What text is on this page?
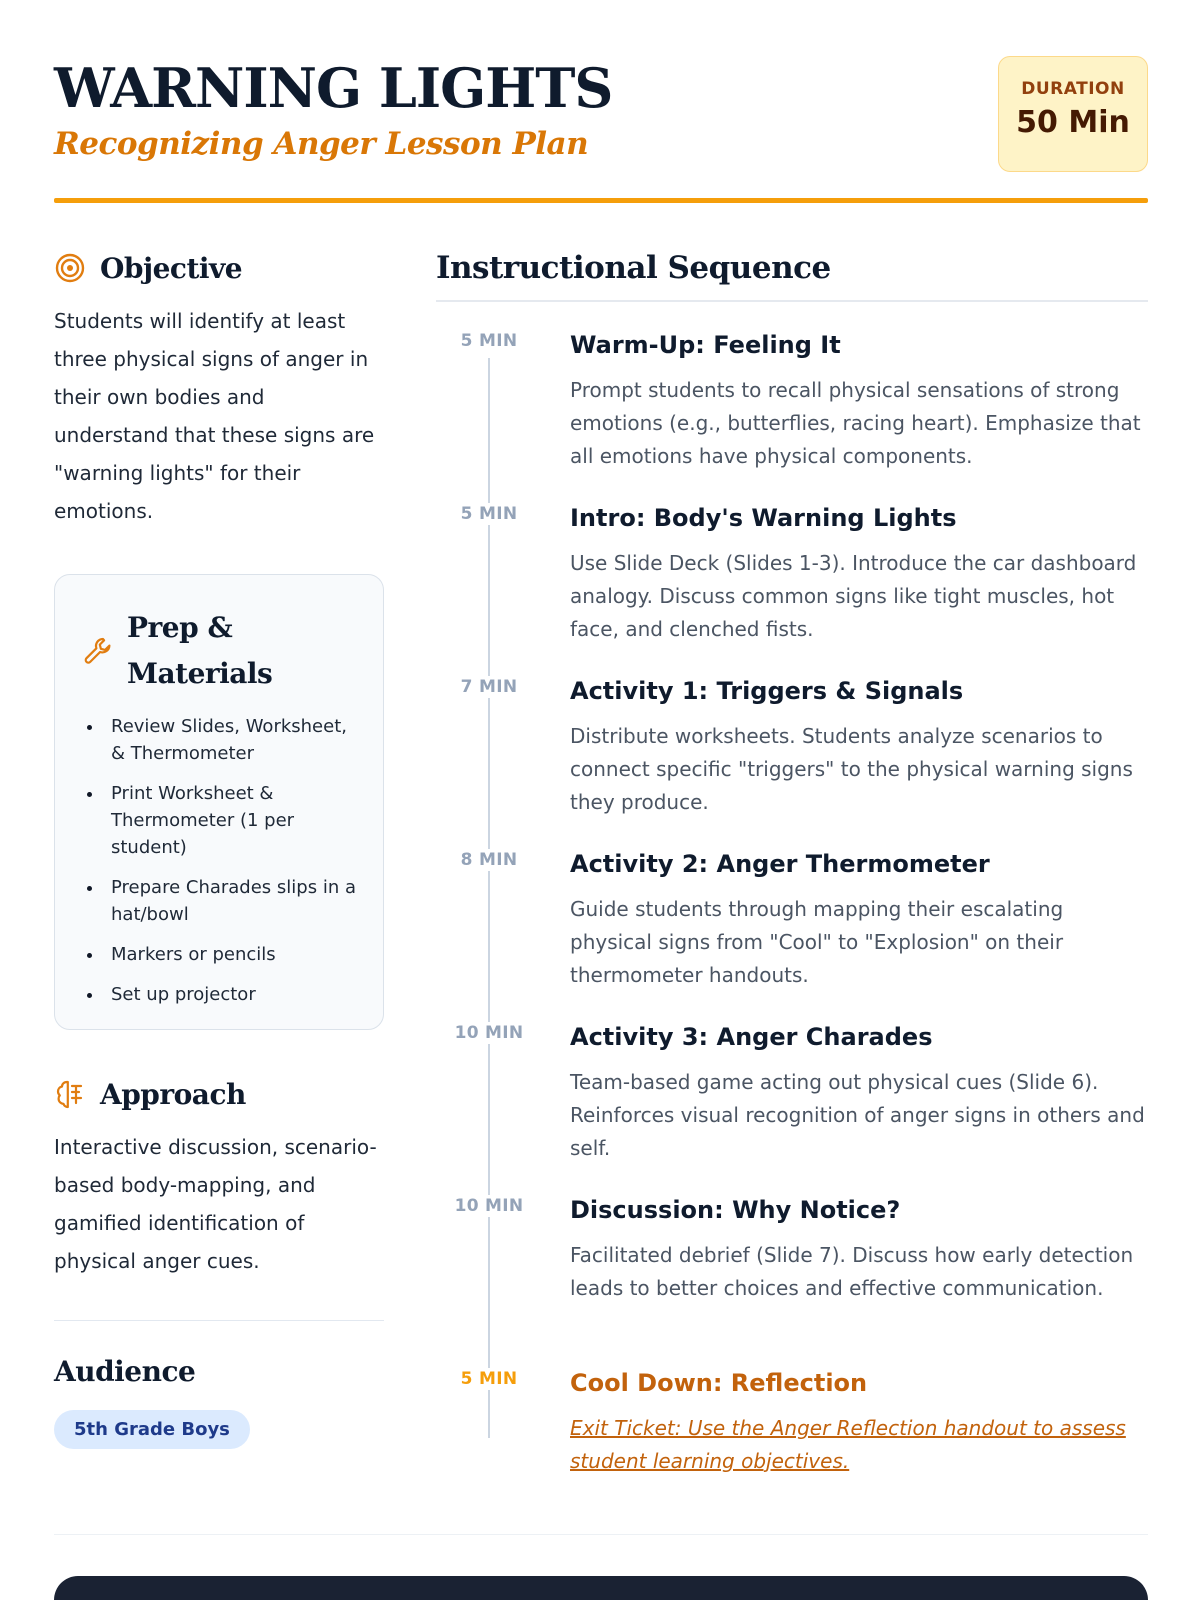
WARNING LIGHTS
Recognizing Anger Lesson Plan
DURATION
50 Min
Objective
Students will identify at least three physical signs of anger in their own bodies and understand that these signs are "warning lights" for their emotions.
Prep & Materials
Review Slides, Worksheet, & Thermometer
Print Worksheet & Thermometer (1 per student)
Prepare Charades slips in a hat/bowl
Markers or pencils
Set up projector
Approach
Interactive discussion, scenario-based body-mapping, and gamified identification of physical anger cues.
Audience
5th Grade Boys
Instructional Sequence
5 MIN	Warm-Up: Feeling It
Prompt students to recall physical sensations of strong emotions (e.g., butterflies, racing heart). Emphasize that all emotions have physical components.
5 MIN	Intro: Body's Warning Lights
Use Slide Deck (Slides 1-3). Introduce the car dashboard analogy. Discuss common signs like tight muscles, hot face, and clenched fists.
7 MIN	Activity 1: Triggers & Signals
Distribute worksheets. Students analyze scenarios to connect specific "triggers" to the physical warning signs they produce.
8 MIN	Activity 2: Anger Thermometer
Guide students through mapping their escalating physical signs from "Cool" to "Explosion" on their thermometer handouts.
10 MIN	Activity 3: Anger Charades
Team-based game acting out physical cues (Slide 6). Reinforces visual recognition of anger signs in others and self.
10 MIN	Discussion: Why Notice?
Facilitated debrief (Slide 7). Discuss how early detection leads to better choices and effective communication.
5 MIN	Cool Down: Reflection
Exit Ticket: Use the Anger Reflection handout to assess student learning objectives.
